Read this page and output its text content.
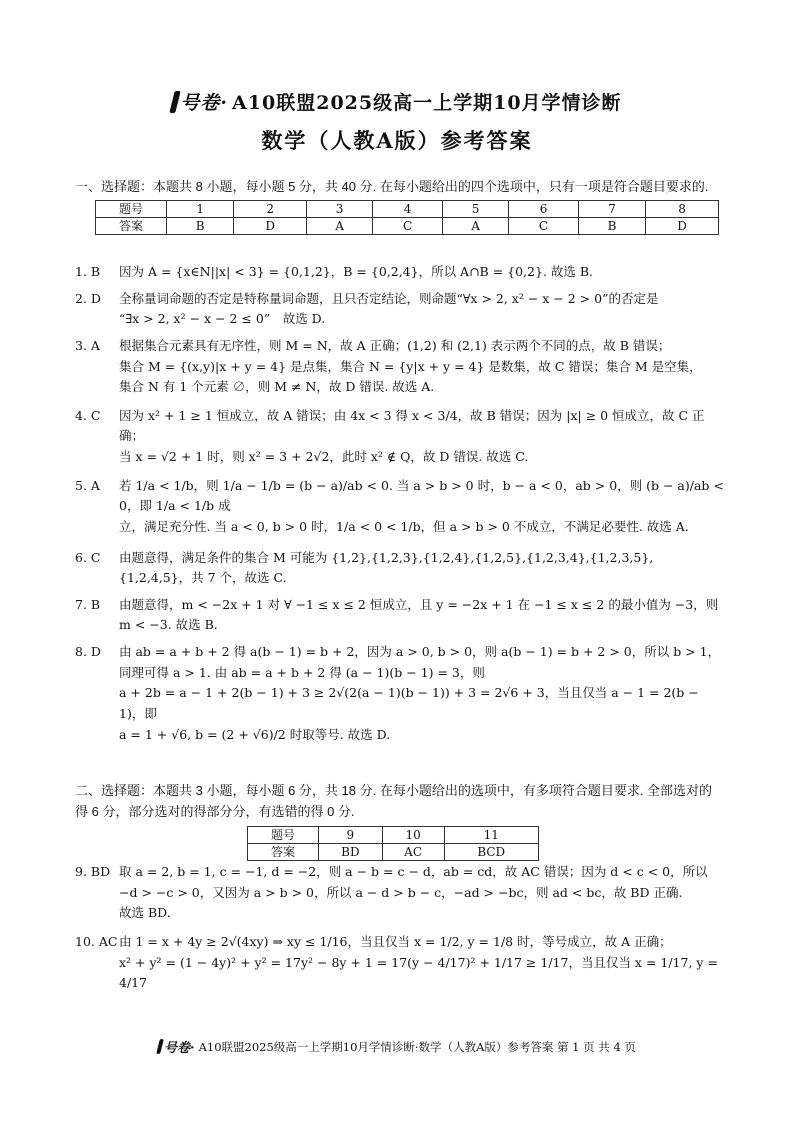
号卷· A10联盟2025级高一上学期10月学情诊断
数学（人教A版）参考答案
一、选择题：本题共 8 小题，每小题 5 分，共 40 分. 在每小题给出的四个选项中，只有一项是符合题目要求的.
题号	1	2	3	4	5	6	7	8
答案	B	D	A	C	A	C	B	D
1. B	因为 A = {x∈N||x| < 3} = {0,1,2}，B = {0,2,4}，所以 A∩B = {0,2}. 故选 B.
2. D	全称量词命题的否定是特称量词命题，且只否定结论，则命题“∀x > 2, x² − x − 2 > 0”的否定是
“∃x > 2, x² − x − 2 ≤ 0”　故选 D.
3. A	根据集合元素具有无序性，则 M = N，故 A 正确；(1,2) 和 (2,1) 表示两个不同的点，故 B 错误；
集合 M = {(x,y)|x + y = 4} 是点集，集合 N = {y|x + y = 4} 是数集，故 C 错误；集合 M 是空集，
集合 N 有 1 个元素 ∅，则 M ≠ N，故 D 错误. 故选 A.
4. C	因为 x² + 1 ≥ 1 恒成立，故 A 错误；由 4x < 3 得 x < 3/4，故 B 错误；因为 |x| ≥ 0 恒成立，故 C 正确；
当 x = √2 + 1 时，则 x² = 3 + 2√2，此时 x² ∉ Q，故 D 错误. 故选 C.
5. A	若 1/a < 1/b，则 1/a − 1/b = (b − a)/ab < 0. 当 a > b > 0 时，b − a < 0，ab > 0，则 (b − a)/ab < 0，即 1/a < 1/b 成
立，满足充分性. 当 a < 0, b > 0 时，1/a < 0 < 1/b，但 a > b > 0 不成立，不满足必要性. 故选 A.
6. C	由题意得，满足条件的集合 M 可能为 {1,2},{1,2,3},{1,2,4},{1,2,5},{1,2,3,4},{1,2,3,5},
{1,2,4,5}，共 7 个，故选 C.
7. B	由题意得，m < −2x + 1 对 ∀ −1 ≤ x ≤ 2 恒成立，且 y = −2x + 1 在 −1 ≤ x ≤ 2 的最小值为 −3，则
m < −3. 故选 B.
8. D	由 ab = a + b + 2 得 a(b − 1) = b + 2，因为 a > 0, b > 0，则 a(b − 1) = b + 2 > 0，所以 b > 1，
同理可得 a > 1. 由 ab = a + b + 2 得 (a − 1)(b − 1) = 3，则
a + 2b = a − 1 + 2(b − 1) + 3 ≥ 2√(2(a − 1)(b − 1)) + 3 = 2√6 + 3，当且仅当 a − 1 = 2(b − 1)，即
a = 1 + √6, b = (2 + √6)/2 时取等号. 故选 D.
二、选择题：本题共 3 小题，每小题 6 分，共 18 分. 在每小题给出的选项中，有多项符合题目要求. 全部选对的得 6 分，部分选对的得部分分，有选错的得 0 分.
题号	9	10	11
答案	BD	AC	BCD
9. BD 取 a = 2, b = 1, c = −1, d = −2，则 a − b = c − d，ab = cd，故 AC 错误；因为 d < c < 0，所以
−d > −c > 0，又因为 a > b > 0，所以 a − d > b − c，−ad > −bc，则 ad < bc，故 BD 正确.
故选 BD.
10. AC 由 1 = x + 4y ≥ 2√(4xy) ⇒ xy ≤ 1/16，当且仅当 x = 1/2, y = 1/8 时，等号成立，故 A 正确；
x² + y² = (1 − 4y)² + y² = 17y² − 8y + 1 = 17(y − 4/17)² + 1/17 ≥ 1/17，当且仅当 x = 1/17, y = 4/17
号卷· A10联盟2025级高一上学期10月学情诊断·数学（人教A版）参考答案 第 1 页 共 4 页
